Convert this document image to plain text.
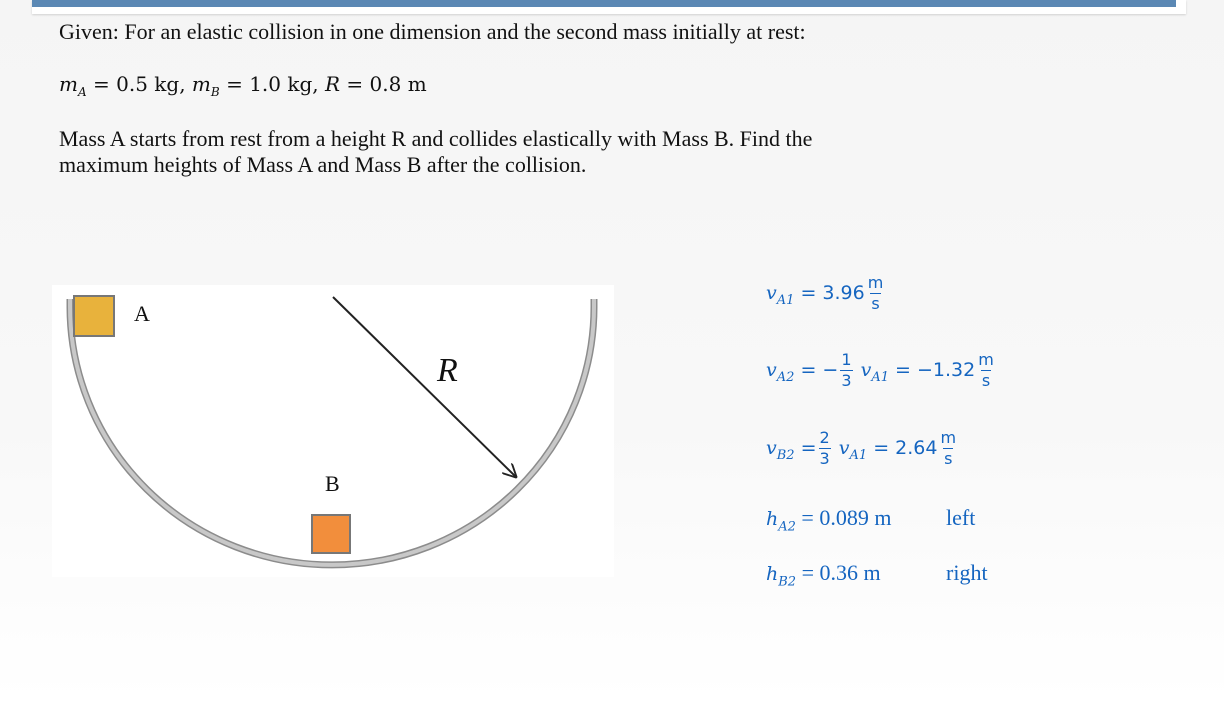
Given: For an elastic collision in one dimension and the second mass initially at rest:
$m_A = 0.5$ kg, $m_B = 1.0$ kg, R = 0.8 m
Mass A starts from rest from a height R and collides elastically with Mass B. Find the
maximum heights of Mass A and Mass B after the collision.
A
B
R
$v_{A1} = 3.96 \frac{m}{s}$
$v_{A2}$ = − $\frac{1}{3} v_{A1} = -1.32 \frac{m}{s}$
$v_{B2} = \frac{2}{3} v_{A1} = 2.64 \frac{m}{s}$
$h_{A2} = 0.089$ m left
$h_{B2} = 0.36$ m	right
